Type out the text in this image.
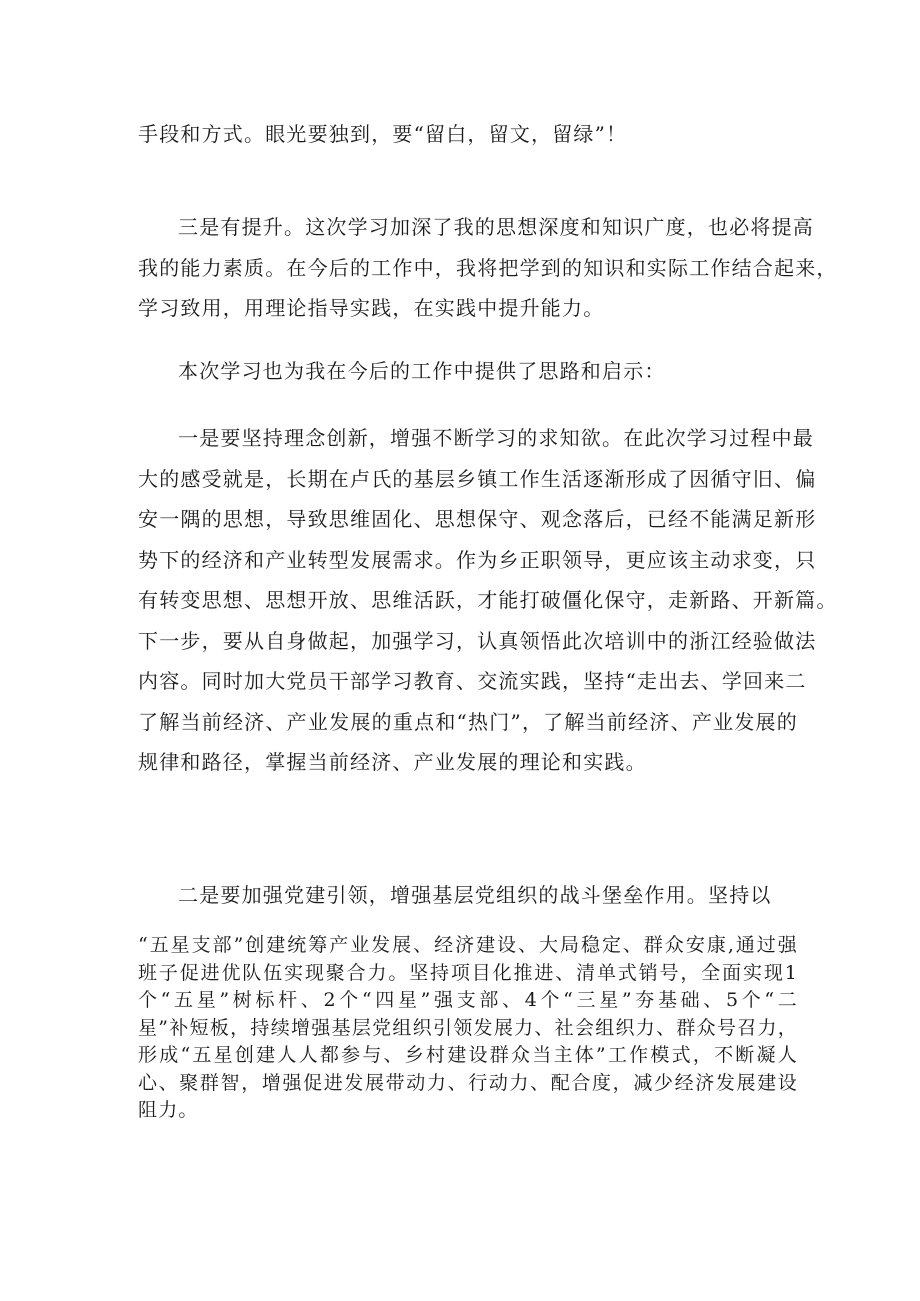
手段和方式。眼光要独到，要“留白，留文，留绿”！
三是有提升。这次学习加深了我的思想深度和知识广度，也必将提高
我的能力素质。在今后的工作中，我将把学到的知识和实际工作结合起来，
学习致用，用理论指导实践，在实践中提升能力。
本次学习也为我在今后的工作中提供了思路和启示：
一是要坚持理念创新，增强不断学习的求知欲。在此次学习过程中最
大的感受就是，长期在卢氏的基层乡镇工作生活逐渐形成了因循守旧、偏
安一隅的思想，导致思维固化、思想保守、观念落后，已经不能满足新形
势下的经济和产业转型发展需求。作为乡正职领导，更应该主动求变，只
有转变思想、思想开放、思维活跃，才能打破僵化保守，走新路、开新篇。
下一步，要从自身做起，加强学习，认真领悟此次培训中的浙江经验做法
内容。同时加大党员干部学习教育、交流实践，坚持“走出去、学回来二
了解当前经济、产业发展的重点和“热门”，了解当前经济、产业发展的
规律和路径，掌握当前经济、产业发展的理论和实践。
二是要加强党建引领，增强基层党组织的战斗堡垒作用。坚持以
“五星支部”创建统筹产业发展、经济建设、大局稳定、群众安康,通过强
班子促进优队伍实现聚合力。坚持项目化推进、清单式销号，全面实现1
个“五星”树标杆、2个“四星”强支部、4个“三星”夯基础、5个“二
星”补短板，持续增强基层党组织引领发展力、社会组织力、群众号召力，
形成“五星创建人人都参与、乡村建设群众当主体”工作模式，不断凝人
心、聚群智，增强促进发展带动力、行动力、配合度，减少经济发展建设
阻力。
